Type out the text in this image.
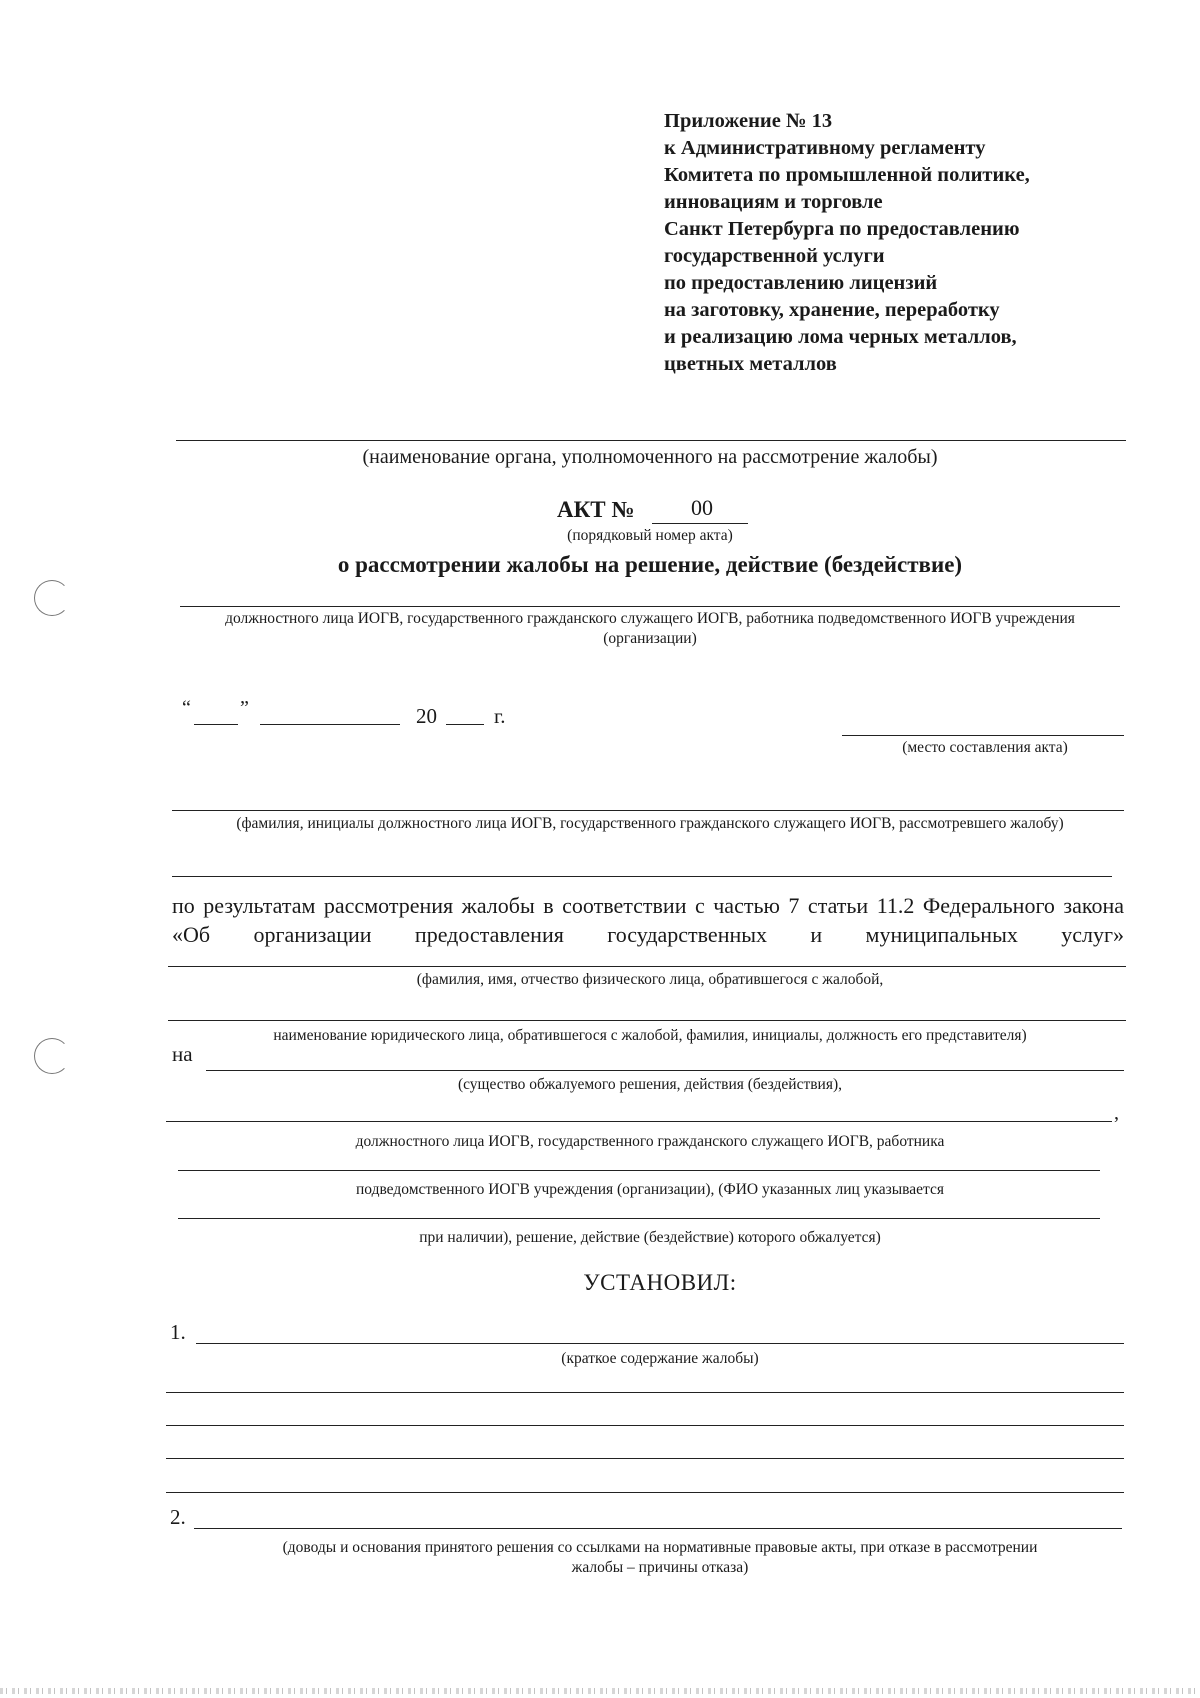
Приложение № 13
к Административному регламенту
Комитета по промышленной политике,
инновациям и торговле
Санкт Петербурга по предоставлению
государственной услуги
по предоставлению лицензий
на заготовку, хранение, переработку
и реализацию лома черных металлов,
цветных металлов
(наименование органа, уполномоченного на рассмотрение жалобы)
АКТ №	00
(порядковый номер акта)
о рассмотрении жалобы на решение, действие (бездействие)
должностного лица ИОГВ, государственного гражданского служащего ИОГВ, работника подведомственного ИОГВ учреждения (организации)
“ ”	20	г.
(место составления акта)
(фамилия, инициалы должностного лица ИОГВ, государственного гражданского служащего ИОГВ, рассмотревшего жалобу)
по результатам рассмотрения жалобы в соответствии с частью 7 статьи 11.2 Федерального закона «Об организации предоставления государственных и муниципальных услуг»
(фамилия, имя, отчество физического лица, обратившегося с жалобой,
наименование юридического лица, обратившегося с жалобой, фамилия, инициалы, должность его представителя)
на
(существо обжалуемого решения, действия (бездействия),
,
должностного лица ИОГВ, государственного гражданского служащего ИОГВ, работника
подведомственного ИОГВ учреждения (организации), (ФИО указанных лиц указывается
при наличии), решение, действие (бездействие) которого обжалуется)
УСТАНОВИЛ:
1.
(краткое содержание жалобы)
2.
(доводы и основания принятого решения со ссылками на нормативные правовые акты, при отказе в рассмотрении жалобы – причины отказа)
